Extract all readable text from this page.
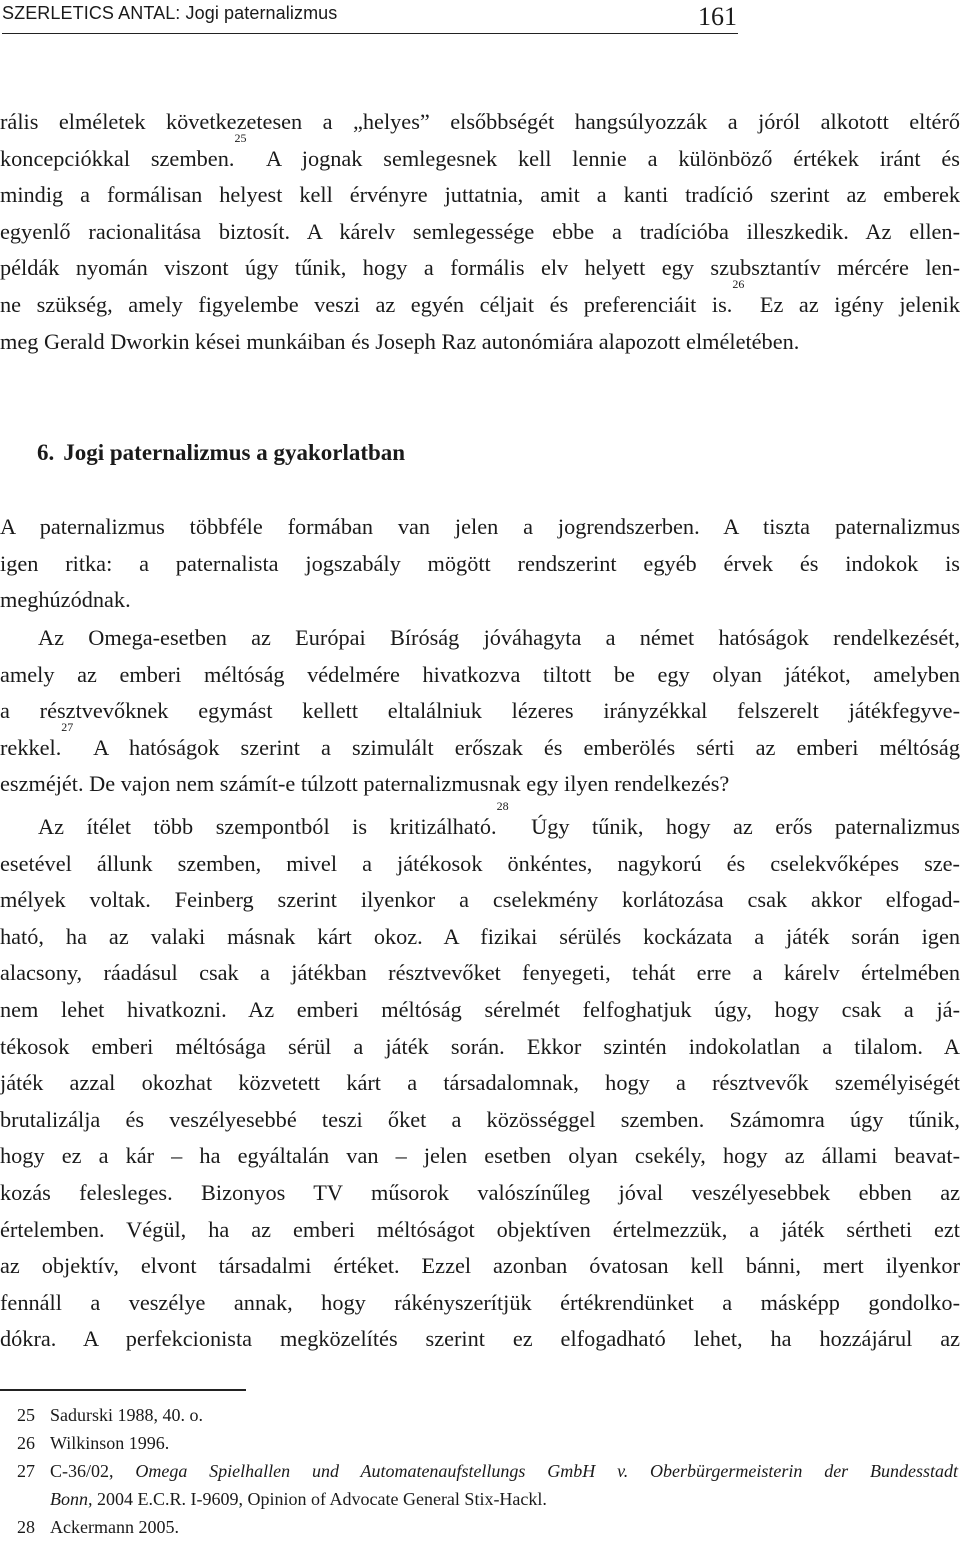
SZERLETICS ANTAL: Jogi paternalizmus	161
rális elméletek következetesen a „helyes” elsőbbségét hangsúlyozzák a jóról alkotott eltérő
koncepciókkal szemben.$^{25}$ A jognak semlegesnek kell lennie a különböző értékek iránt és
mindig a formálisan helyest kell érvényre juttatnia, amit a kanti tradíció szerint az emberek
egyenlő racionalitása biztosít. A kárelv semlegessége ebbe a tradícióba illeszkedik. Az ellen-
példák nyomán viszont úgy tűnik, hogy a formális elv helyett egy szubsztantív mércére len-
ne szükség, amely figyelembe veszi az egyén céljait és preferenciáit is.$^{26}$ Ez az igény jelenik
meg Gerald Dworkin kései munkáiban és Joseph Raz autonómiára alapozott elméletében.
6. Jogi paternalizmus a gyakorlatban
A paternalizmus többféle formában van jelen a jogrendszerben. A tiszta paternalizmus
igen ritka: a paternalista jogszabály mögött rendszerint egyéb érvek és indokok is
meghúzódnak.
Az Omega-esetben az Európai Bíróság jóváhagyta a német hatóságok rendelkezését,
amely az emberi méltóság védelmére hivatkozva tiltott be egy olyan játékot, amelyben
a résztvevőknek egymást kellett eltalálniuk lézeres irányzékkal felszerelt játékfegyve-
rekkel.$^{27}$ A hatóságok szerint a szimulált erőszak és emberölés sérti az emberi méltóság
eszméjét. De vajon nem számít-e túlzott paternalizmusnak egy ilyen rendelkezés?
Az ítélet több szempontból is kritizálható.$^{28}$ Úgy tűnik, hogy az erős paternalizmus
esetével állunk szemben, mivel a játékosok önkéntes, nagykorú és cselekvőképes sze-
mélyek voltak. Feinberg szerint ilyenkor a cselekmény korlátozása csak akkor elfogad-
ható, ha az valaki másnak kárt okoz. A fizikai sérülés kockázata a játék során igen
alacsony, ráadásul csak a játékban résztvevőket fenyegeti, tehát erre a kárelv értelmében
nem lehet hivatkozni. Az emberi méltóság sérelmét felfoghatjuk úgy, hogy csak a já-
tékosok emberi méltósága sérül a játék során. Ekkor szintén indokolatlan a tilalom. A
játék azzal okozhat közvetett kárt a társadalomnak, hogy a résztvevők személyiségét
brutalizálja és veszélyesebbé teszi őket a közösséggel szemben. Számomra úgy tűnik,
hogy ez a kár – ha egyáltalán van – jelen esetben olyan csekély, hogy az állami beavat-
kozás felesleges. Bizonyos TV műsorok valószínűleg jóval veszélyesebbek ebben az
értelemben. Végül, ha az emberi méltóságot objektíven értelmezzük, a játék sértheti ezt
az objektív, elvont társadalmi értéket. Ezzel azonban óvatosan kell bánni, mert ilyenkor
fennáll a veszélye annak, hogy rákényszerítjük értékrendünket a másképp gondolko-
dókra. A perfekcionista megközelítés szerint ez elfogadható lehet, ha hozzájárul az
25 Sadurski 1988, 40. o.
26 Wilkinson 1996.
27 C-36/02, Omega Spielhallen und Automatenaufstellungs GmbH v. Oberbürgermeisterin der Bundesstadt
Bonn, 2004 E.C.R. I-9609, Opinion of Advocate General Stix-Hackl.
28 Ackermann 2005.
